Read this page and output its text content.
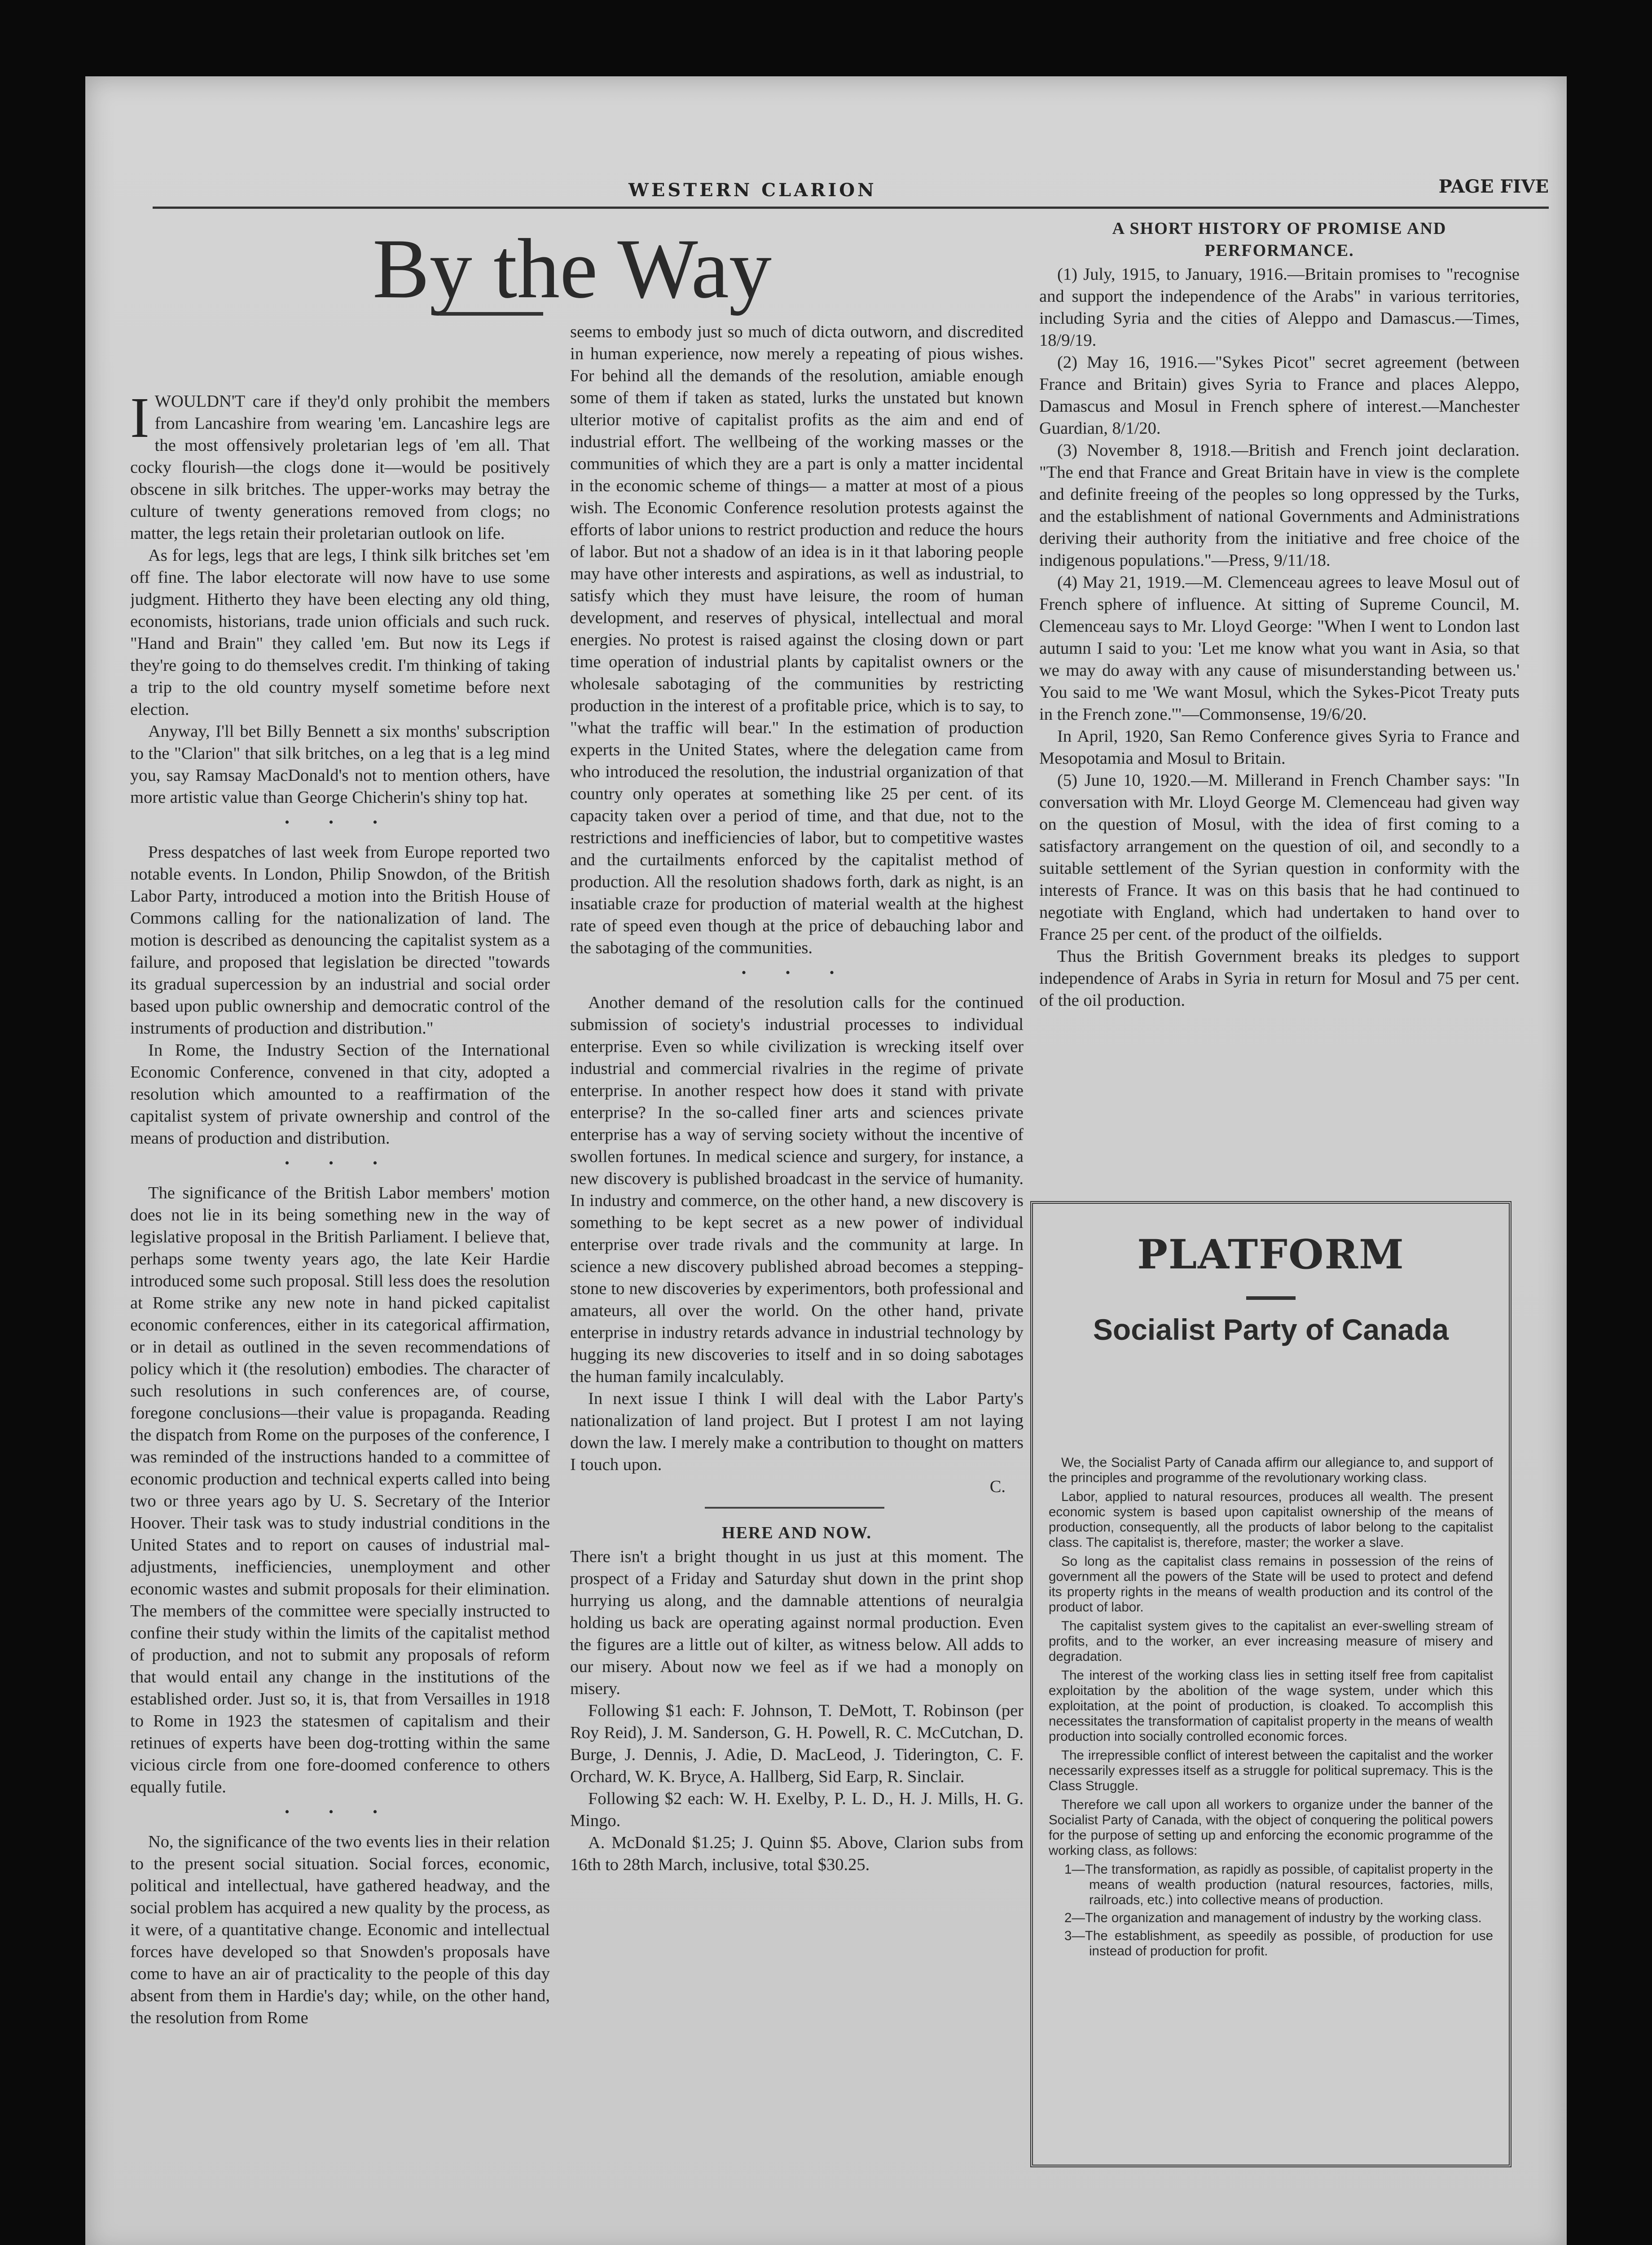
WESTERN CLARION	PAGE FIVE
By the Way
I WOULDN'T care if they'd only prohibit the members from Lancashire from wearing 'em. Lancashire legs are the most offensively proletarian legs of 'em all. That cocky flourish—the clogs done it—would be positively obscene in silk britches. The upper-works may betray the culture of twenty generations removed from clogs; no matter, the legs retain their proletarian outlook on life.

As for legs, legs that are legs, I think silk britches set 'em off fine. The labor electorate will now have to use some judgment. Hitherto they have been electing any old thing, economists, historians, trade union officials and such ruck. "Hand and Brain" they called 'em. But now its Legs if they're going to do themselves credit. I'm thinking of taking a trip to the old country myself sometime before next election.

Anyway, I'll bet Billy Bennett a six months' subscription to the "Clarion" that silk britches, on a leg that is a leg mind you, say Ramsay MacDonald's not to mention others, have more artistic value than George Chicherin's shiny top hat.

• • •

Press despatches of last week from Europe reported two notable events. In London, Philip Snowdon, of the British Labor Party, introduced a motion into the British House of Commons calling for the nationalization of land. The motion is described as denouncing the capitalist system as a failure, and proposed that legislation be directed "towards its gradual supercession by an industrial and social order based upon public ownership and democratic control of the instruments of production and distribution."

In Rome, the Industry Section of the International Economic Conference, convened in that city, adopted a resolution which amounted to a reaffirmation of the capitalist system of private ownership and control of the means of production and distribution.

• • •

The significance of the British Labor members' motion does not lie in its being something new in the way of legislative proposal in the British Parliament. I believe that, perhaps some twenty years ago, the late Keir Hardie introduced some such proposal. Still less does the resolution at Rome strike any new note in hand picked capitalist economic conferences, either in its categorical affirmation, or in detail as outlined in the seven recommendations of policy which it (the resolution) embodies. The character of such resolutions in such conferences are, of course, foregone conclusions—their value is propaganda. Reading the dispatch from Rome on the purposes of the conference, I was reminded of the instructions handed to a committee of economic production and technical experts called into being two or three years ago by U. S. Secretary of the Interior Hoover. Their task was to study industrial conditions in the United States and to report on causes of industrial mal-adjustments, inefficiencies, unemployment and other economic wastes and submit proposals for their elimination. The members of the committee were specially instructed to confine their study within the limits of the capitalist method of production, and not to submit any proposals of reform that would entail any change in the institutions of the established order. Just so, it is, that from Versailles in 1918 to Rome in 1923 the statesmen of capitalism and their retinues of experts have been dog-trotting within the same vicious circle from one fore-doomed conference to others equally futile.

• • •

No, the significance of the two events lies in their relation to the present social situation. Social forces, economic, political and intellectual, have gathered headway, and the social problem has acquired a new quality by the process, as it were, of a quantitative change. Economic and intellectual forces have developed so that Snowden's proposals have come to have an air of practicality to the people of this day absent from them in Hardie's day; while, on the other hand, the resolution from Rome

seems to embody just so much of dicta outworn, and discredited in human experience, now merely a repeating of pious wishes. For behind all the demands of the resolution, amiable enough some of them if taken as stated, lurks the unstated but known ulterior motive of capitalist profits as the aim and end of industrial effort. The wellbeing of the working masses or the communities of which they are a part is only a matter incidental in the economic scheme of things— a matter at most of a pious wish. The Economic Conference resolution protests against the efforts of labor unions to restrict production and reduce the hours of labor. But not a shadow of an idea is in it that laboring people may have other interests and aspirations, as well as industrial, to satisfy which they must have leisure, the room of human development, and reserves of physical, intellectual and moral energies. No protest is raised against the closing down or part time operation of industrial plants by capitalist owners or the wholesale sabotaging of the communities by restricting production in the interest of a profitable price, which is to say, to "what the traffic will bear." In the estimation of production experts in the United States, where the delegation came from who introduced the resolution, the industrial organization of that country only operates at something like 25 per cent. of its capacity taken over a period of time, and that due, not to the restrictions and inefficiencies of labor, but to competitive wastes and the curtailments enforced by the capitalist method of production. All the resolution shadows forth, dark as night, is an insatiable craze for production of material wealth at the highest rate of speed even though at the price of debauching labor and the sabotaging of the communities.

• • •

Another demand of the resolution calls for the continued submission of society's industrial processes to individual enterprise. Even so while civilization is wrecking itself over industrial and commercial rivalries in the regime of private enterprise. In another respect how does it stand with private enterprise? In the so-called finer arts and sciences private enterprise has a way of serving society without the incentive of swollen fortunes. In medical science and surgery, for instance, a new discovery is published broadcast in the service of humanity. In industry and commerce, on the other hand, a new discovery is something to be kept secret as a new power of individual enterprise over trade rivals and the community at large. In science a new discovery published abroad becomes a stepping-stone to new discoveries by experimentors, both professional and amateurs, all over the world. On the other hand, private enterprise in industry retards advance in industrial technology by hugging its new discoveries to itself and in so doing sabotages the human family incalculably.

In next issue I think I will deal with the Labor Party's nationalization of land project. But I protest I am not laying down the law. I merely make a contribution to thought on matters I touch upon.

C.
HERE AND NOW.

There isn't a bright thought in us just at this moment. The prospect of a Friday and Saturday shut down in the print shop hurrying us along, and the damnable attentions of neuralgia holding us back are operating against normal production. Even the figures are a little out of kilter, as witness below. All adds to our misery. About now we feel as if we had a monoply on misery.

Following $1 each: F. Johnson, T. DeMott, T. Robinson (per Roy Reid), J. M. Sanderson, G. H. Powell, R. C. McCutchan, D. Burge, J. Dennis, J. Adie, D. MacLeod, J. Tiderington, C. F. Orchard, W. K. Bryce, A. Hallberg, Sid Earp, R. Sinclair.

Following $2 each: W. H. Exelby, P. L. D., H. J. Mills, H. G. Mingo.

A. McDonald $1.25; J. Quinn $5. Above, Clarion subs from 16th to 28th March, inclusive, total $30.25.

A SHORT HISTORY OF PROMISE AND PERFORMANCE.

(1) July, 1915, to January, 1916.—Britain promises to "recognise and support the independence of the Arabs" in various territories, including Syria and the cities of Aleppo and Damascus.—Times, 18/9/19.

(2) May 16, 1916.—"Sykes Picot" secret agreement (between France and Britain) gives Syria to France and places Aleppo, Damascus and Mosul in French sphere of interest.—Manchester Guardian, 8/1/20.

(3) November 8, 1918.—British and French joint declaration. "The end that France and Great Britain have in view is the complete and definite freeing of the peoples so long oppressed by the Turks, and the establishment of national Governments and Administrations deriving their authority from the initiative and free choice of the indigenous populations."—Press, 9/11/18.

(4) May 21, 1919.—M. Clemenceau agrees to leave Mosul out of French sphere of influence. At sitting of Supreme Council, M. Clemenceau says to Mr. Lloyd George: "When I went to London last autumn I said to you: 'Let me know what you want in Asia, so that we may do away with any cause of misunderstanding between us.' You said to me 'We want Mosul, which the Sykes-Picot Treaty puts in the French zone.'"—Commonsense, 19/6/20.

In April, 1920, San Remo Conference gives Syria to France and Mesopotamia and Mosul to Britain.

(5) June 10, 1920.—M. Millerand in French Chamber says: "In conversation with Mr. Lloyd George M. Clemenceau had given way on the question of Mosul, with the idea of first coming to a satisfactory arrangement on the question of oil, and secondly to a suitable settlement of the Syrian question in conformity with the interests of France. It was on this basis that he had continued to negotiate with England, which had undertaken to hand over to France 25 per cent. of the product of the oilfields.

Thus the British Government breaks its pledges to support independence of Arabs in Syria in return for Mosul and 75 per cent. of the oil production.

PLATFORM
Socialist Party of Canada

We, the Socialist Party of Canada affirm our allegiance to, and support of the principles and programme of the revolutionary working class.

Labor, applied to natural resources, produces all wealth. The present economic system is based upon capitalist ownership of the means of production, consequently, all the products of labor belong to the capitalist class. The capitalist is, therefore, master; the worker a slave.

So long as the capitalist class remains in possession of the reins of government all the powers of the State will be used to protect and defend its property rights in the means of wealth production and its control of the product of labor.

The capitalist system gives to the capitalist an ever-swelling stream of profits, and to the worker, an ever increasing measure of misery and degradation.

The interest of the working class lies in setting itself free from capitalist exploitation by the abolition of the wage system, under which this exploitation, at the point of production, is cloaked. To accomplish this necessitates the transformation of capitalist property in the means of wealth production into socially controlled economic forces.

The irrepressible conflict of interest between the capitalist and the worker necessarily expresses itself as a struggle for political supremacy. This is the Class Struggle.

Therefore we call upon all workers to organize under the banner of the Socialist Party of Canada, with the object of conquering the political powers for the purpose of setting up and enforcing the economic programme of the working class, as follows:

1—The transformation, as rapidly as possible, of capitalist property in the means of wealth production (natural resources, factories, mills, railroads, etc.) into collective means of production.
2—The organization and management of industry by the working class.
3—The establishment, as speedily as possible, of production for use instead of production for profit.
